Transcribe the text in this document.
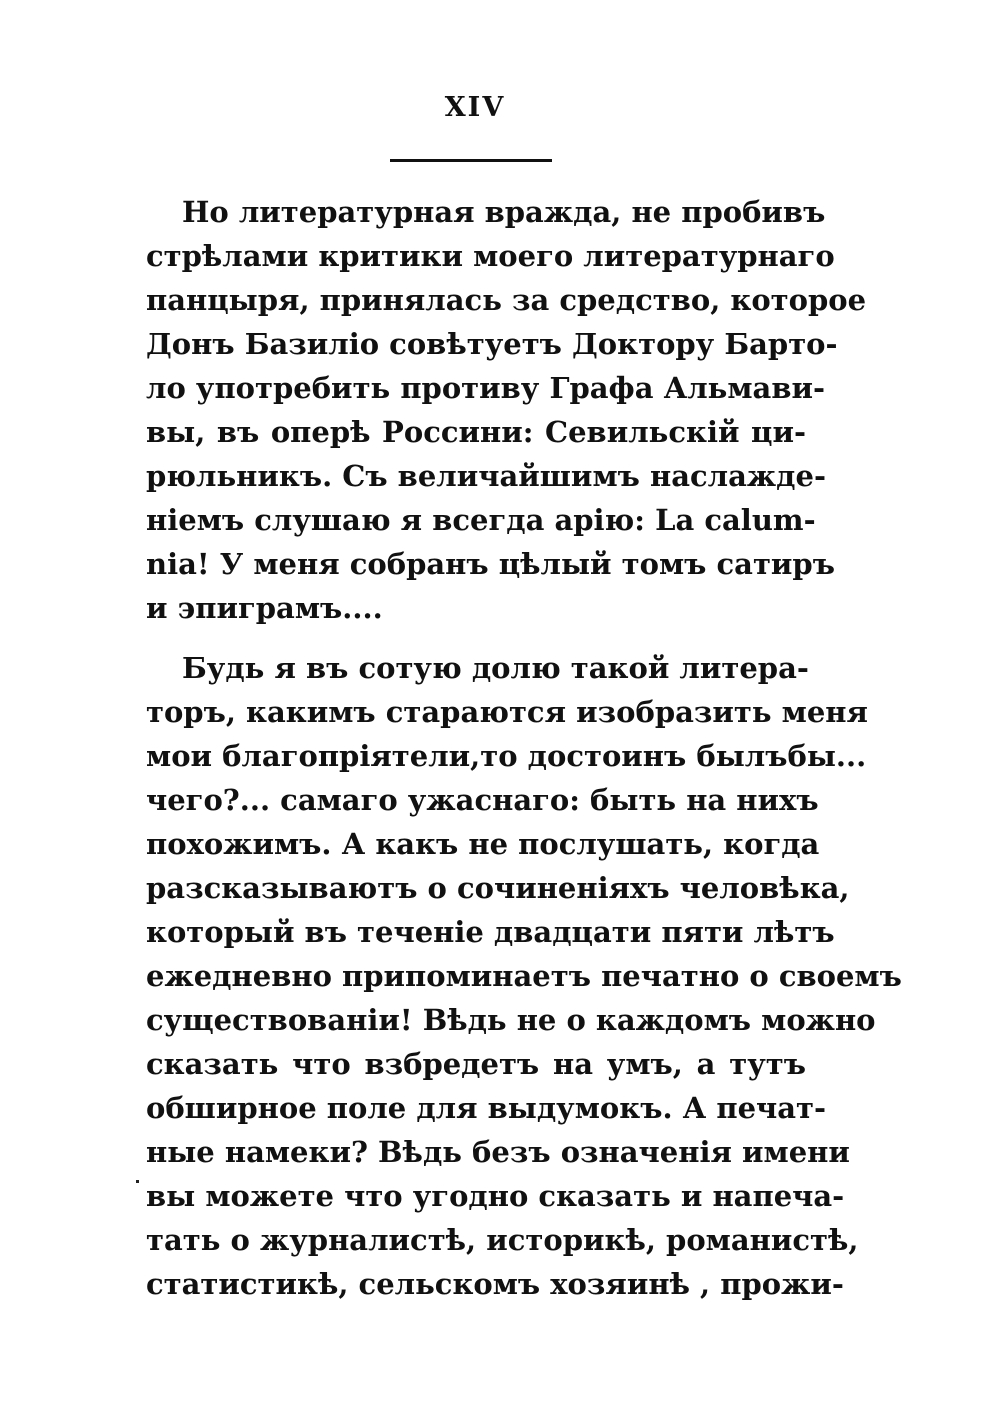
XIV
Но литературная вражда, не пробивъ
стрѣлами критики моего литературнаго
панцыря, принялась за средство, которое
Донъ Базиліо совѣтуетъ Доктору Барто-
ло употребить противу Графа Альмави-
вы, въ оперѣ Россини: Севильскій ци-
рюльникъ. Съ величайшимъ наслажде-
ніемъ слушаю я всегда арію: La calum-
nia! У меня собранъ цѣлый томъ сатиръ
и эпиграмъ....
Будь я въ сотую долю такой литера-
торъ, какимъ стараются изобразить меня
мои благопріятели,то достоинъ былъбы...
чего?... самаго ужаснаго: быть на нихъ
похожимъ. А какъ не послушать, когда
разсказываютъ о сочиненіяхъ человѣка,
который въ теченіе двадцати пяти лѣтъ
ежедневно припоминаетъ печатно о своемъ
существованіи! Вѣдь не о каждомъ можно
сказать что взбредетъ на умъ, а тутъ
обширное поле для выдумокъ. А печат-
ные намеки? Вѣдь безъ означенія имени
вы можете что угодно сказать и напеча-
тать о журналистѣ, историкѣ, романистѣ,
статистикѣ, сельскомъ хозяинѣ , прожи-
